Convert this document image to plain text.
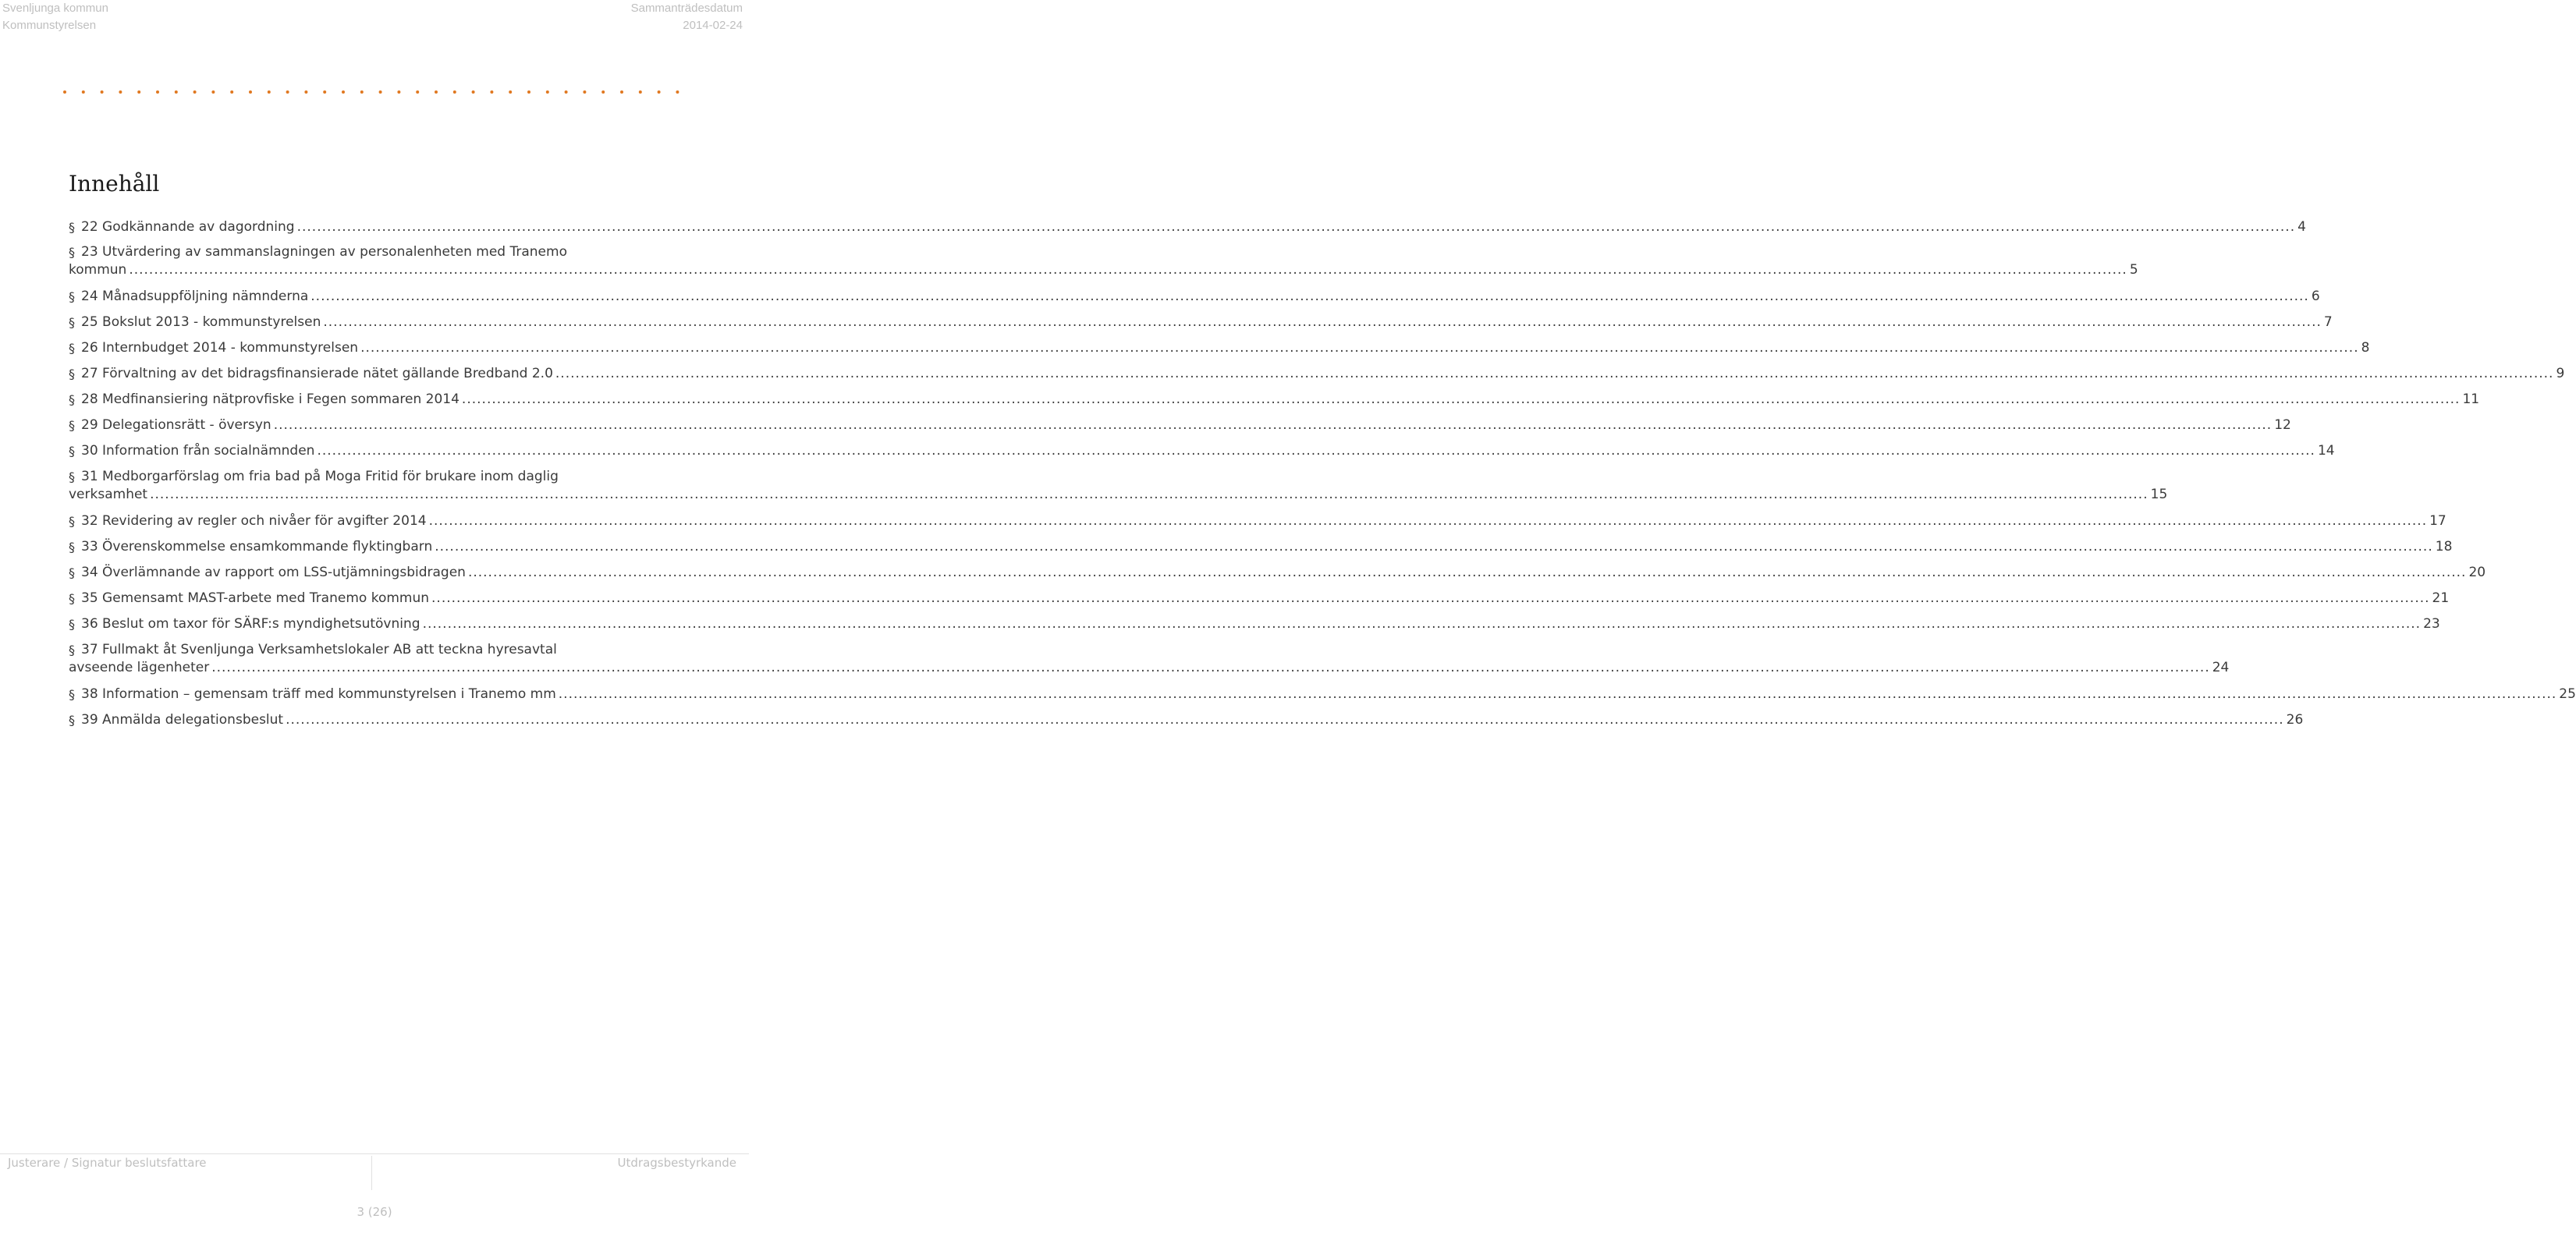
Svenljunga kommun
Kommunstyrelsen
Sammanträdesdatum
2014-02-24
Innehåll
§ 22 Godkännande av dagordning ................................................................................................................................................................................................................................................................................................................................................................................................................ 4
§ 23 Utvärdering av sammanslagningen av personalenheten med Tranemo
kommun ................................................................................................................................................................................................................................................................................................................................................................................................................ 5
§ 24 Månadsuppföljning nämnderna ................................................................................................................................................................................................................................................................................................................................................................................................................ 6
§ 25 Bokslut 2013 - kommunstyrelsen ................................................................................................................................................................................................................................................................................................................................................................................................................ 7
§ 26 Internbudget 2014 - kommunstyrelsen ................................................................................................................................................................................................................................................................................................................................................................................................................ 8
§ 27 Förvaltning av det bidragsfinansierade nätet gällande Bredband 2.0 ................................................................................................................................................................................................................................................................................................................................................................................................................ 9
§ 28 Medfinansiering nätprovfiske i Fegen sommaren 2014 ................................................................................................................................................................................................................................................................................................................................................................................................................ 11
§ 29 Delegationsrätt - översyn ................................................................................................................................................................................................................................................................................................................................................................................................................ 12
§ 30 Information från socialnämnden ................................................................................................................................................................................................................................................................................................................................................................................................................ 14
§ 31 Medborgarförslag om fria bad på Moga Fritid för brukare inom daglig
verksamhet ................................................................................................................................................................................................................................................................................................................................................................................................................ 15
§ 32 Revidering av regler och nivåer för avgifter 2014 ................................................................................................................................................................................................................................................................................................................................................................................................................ 17
§ 33 Överenskommelse ensamkommande flyktingbarn ................................................................................................................................................................................................................................................................................................................................................................................................................ 18
§ 34 Överlämnande av rapport om LSS-utjämningsbidragen ................................................................................................................................................................................................................................................................................................................................................................................................................ 20
§ 35 Gemensamt MAST-arbete med Tranemo kommun ................................................................................................................................................................................................................................................................................................................................................................................................................ 21
§ 36 Beslut om taxor för SÄRF:s myndighetsutövning ................................................................................................................................................................................................................................................................................................................................................................................................................ 23
§ 37 Fullmakt åt Svenljunga Verksamhetslokaler AB att teckna hyresavtal
avseende lägenheter ................................................................................................................................................................................................................................................................................................................................................................................................................ 24
§ 38 Information – gemensam träff med kommunstyrelsen i Tranemo mm ................................................................................................................................................................................................................................................................................................................................................................................................................ 25
§ 39 Anmälda delegationsbeslut ................................................................................................................................................................................................................................................................................................................................................................................................................ 26
Justerare / Signatur beslutsfattare	Utdragsbestyrkande
3 (26)
